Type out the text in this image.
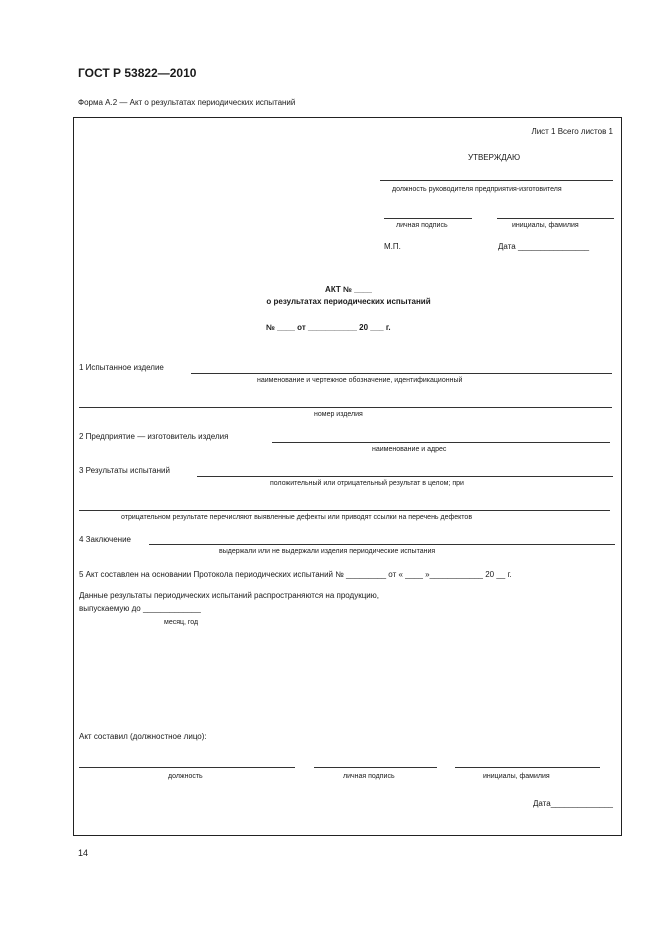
ГОСТ Р 53822—2010
Форма А.2 — Акт о результатах периодических испытаний
Лист 1 Всего листов 1
УТВЕРЖДАЮ
должность руководителя предприятия-изготовителя
личная подпись	инициалы, фамилия
М.П.	Дата ________________
АКТ № ____
о результатах периодических испытаний
№ ____ от ___________ 20 ___ г.
1 Испытанное изделие
наименование и чертежное обозначение, идентификационный
номер изделия
2 Предприятие — изготовитель изделия
наименование и адрес
3 Результаты испытаний
положительный или отрицательный результат в целом; при
отрицательном результате перечисляют выявленные дефекты или приводят ссылки на перечень дефектов
4 Заключение
выдержали или не выдержали изделия периодические испытания
5 Акт составлен на основании Протокола периодических испытаний № _________ от « ____ »____________ 20 __ г.
Данные результаты периодических испытаний распространяются на продукцию,
выпускаемую до _____________
месяц, год
Акт составил (должностное лицо):
должность	личная подпись	инициалы, фамилия
Дата______________
14
